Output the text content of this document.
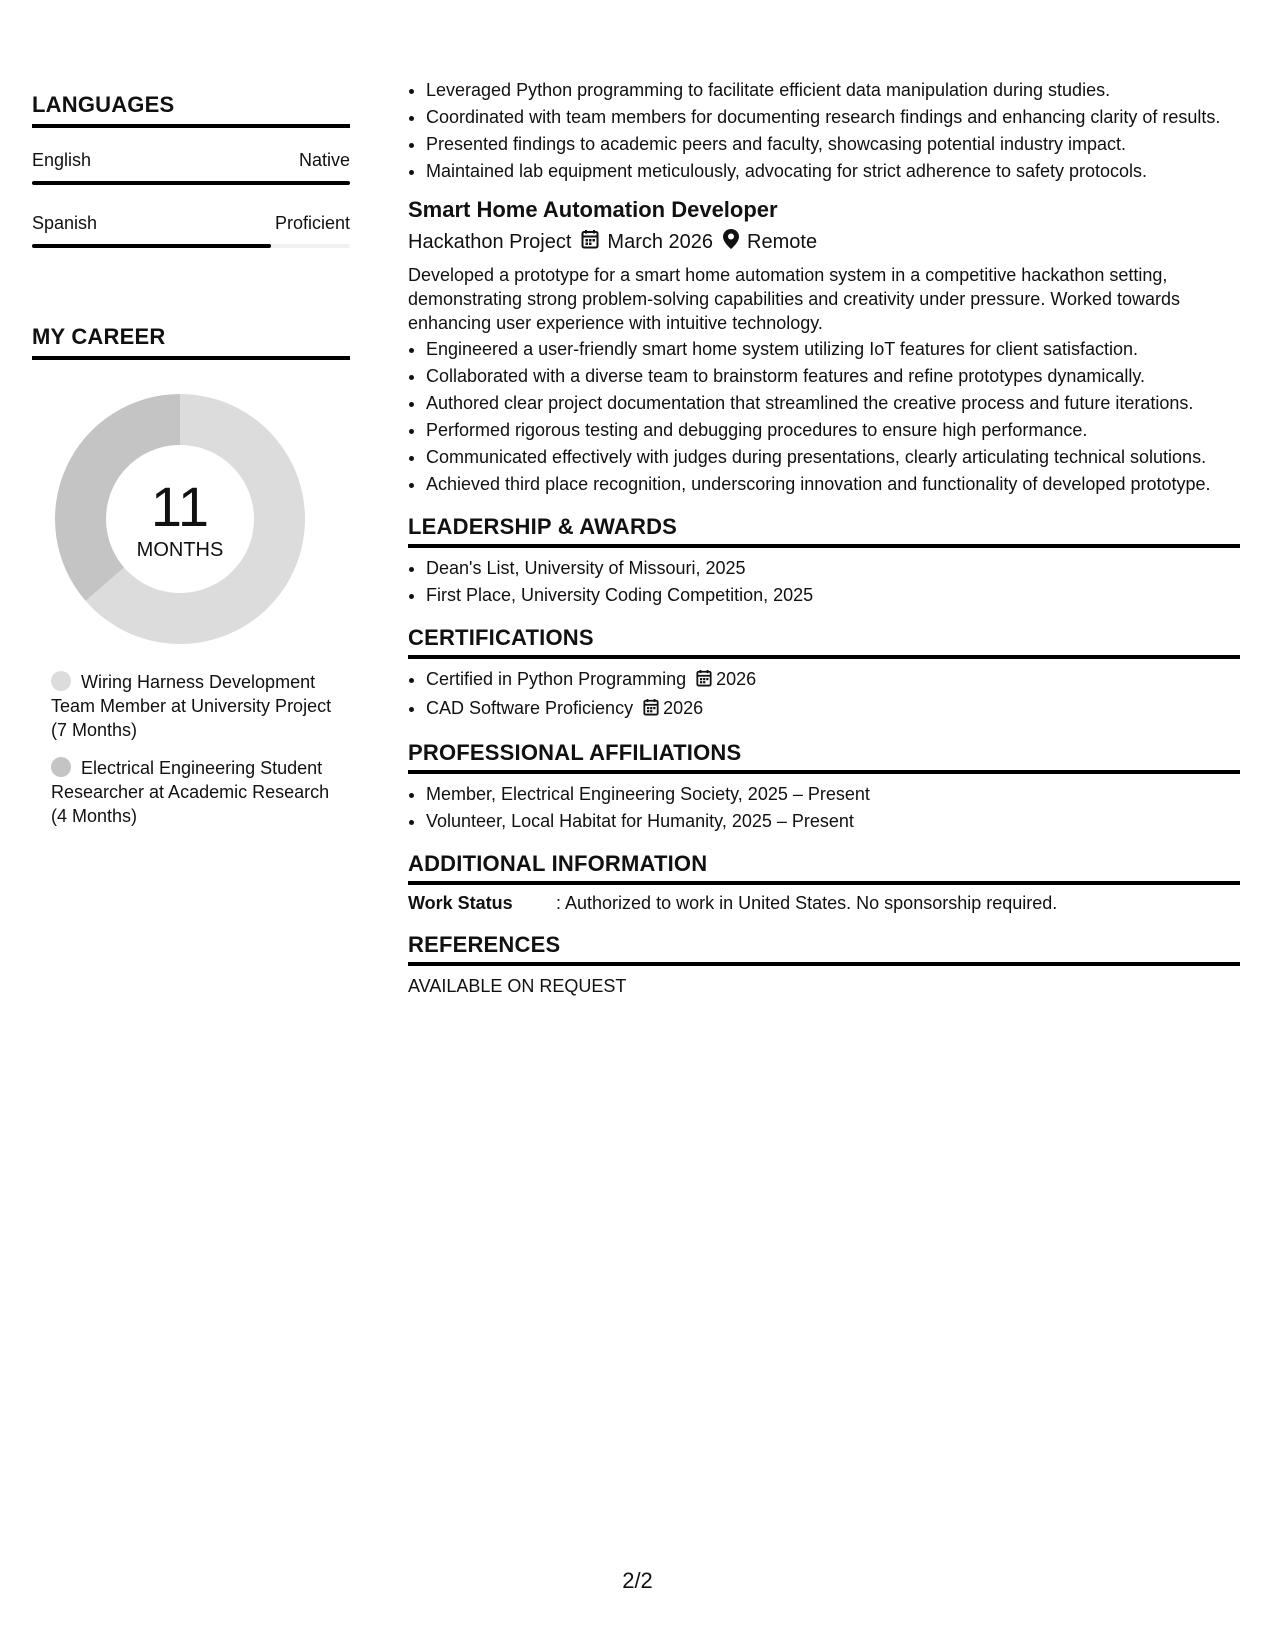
LANGUAGES
English	Native
Spanish	Proficient
MY CAREER
11
MONTHS
Wiring Harness Development Team Member at University Project (7 Months)
Electrical Engineering Student Researcher at Academic Research (4 Months)
• Leveraged Python programming to facilitate efficient data manipulation during studies.
• Coordinated with team members for documenting research findings and enhancing clarity of results.
• Presented findings to academic peers and faculty, showcasing potential industry impact.
• Maintained lab equipment meticulously, advocating for strict adherence to safety protocols.
Smart Home Automation Developer
Hackathon Project March 2026 Remote
Developed a prototype for a smart home automation system in a competitive hackathon setting, demonstrating strong problem-solving capabilities and creativity under pressure. Worked towards enhancing user experience with intuitive technology.
• Engineered a user-friendly smart home system utilizing IoT features for client satisfaction.
• Collaborated with a diverse team to brainstorm features and refine prototypes dynamically.
• Authored clear project documentation that streamlined the creative process and future iterations.
• Performed rigorous testing and debugging procedures to ensure high performance.
• Communicated effectively with judges during presentations, clearly articulating technical solutions.
• Achieved third place recognition, underscoring innovation and functionality of developed prototype.
LEADERSHIP & AWARDS
• Dean's List, University of Missouri, 2025
• First Place, University Coding Competition, 2025
CERTIFICATIONS
• Certified in Python Programming 2026
• CAD Software Proficiency 2026
PROFESSIONAL AFFILIATIONS
• Member, Electrical Engineering Society, 2025 – Present
• Volunteer, Local Habitat for Humanity, 2025 – Present
ADDITIONAL INFORMATION
Work Status	: Authorized to work in United States. No sponsorship required.
REFERENCES
AVAILABLE ON REQUEST
2/2
